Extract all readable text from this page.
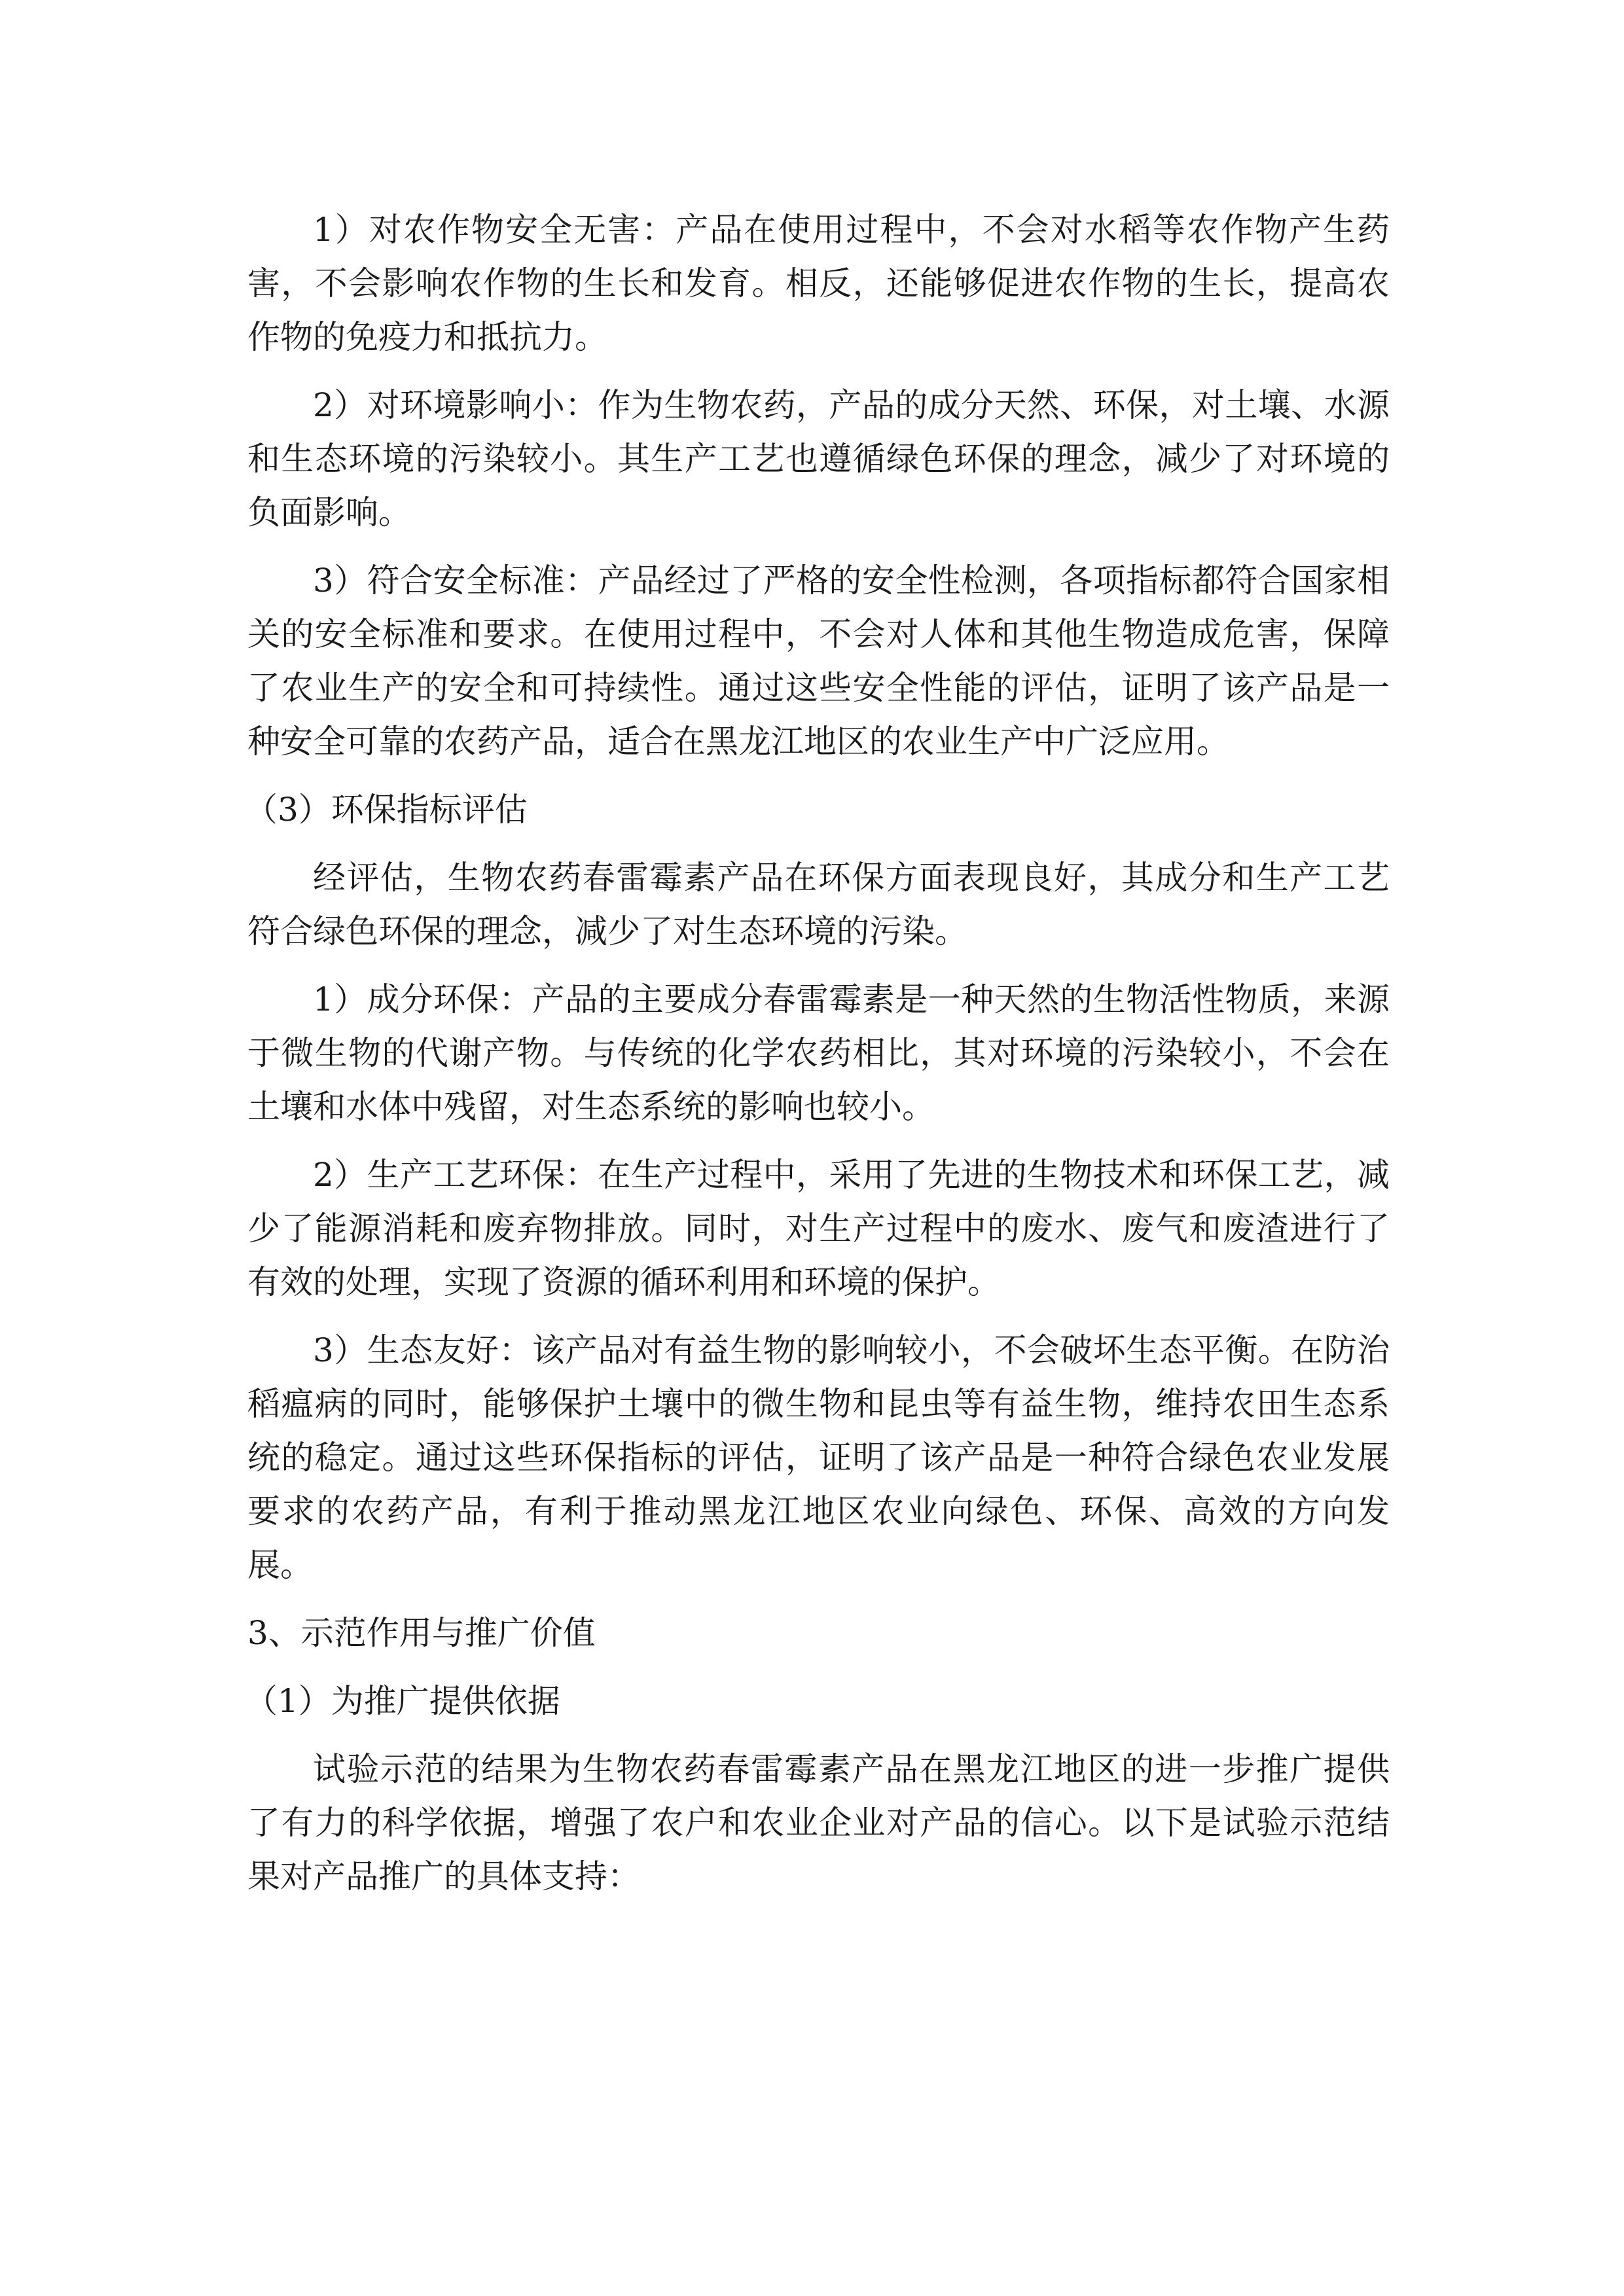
1）对农作物安全无害：产品在使用过程中，不会对水稻等农作物产生药害，不会影响农作物的生长和发育。相反，还能够促进农作物的生长，提高农作物的免疫力和抵抗力。

2）对环境影响小：作为生物农药，产品的成分天然、环保，对土壤、水源和生态环境的污染较小。其生产工艺也遵循绿色环保的理念，减少了对环境的负面影响。

3）符合安全标准：产品经过了严格的安全性检测，各项指标都符合国家相关的安全标准和要求。在使用过程中，不会对人体和其他生物造成危害，保障了农业生产的安全和可持续性。通过这些安全性能的评估，证明了该产品是一种安全可靠的农药产品，适合在黑龙江地区的农业生产中广泛应用。

（3）环保指标评估

经评估，生物农药春雷霉素产品在环保方面表现良好，其成分和生产工艺符合绿色环保的理念，减少了对生态环境的污染。

1）成分环保：产品的主要成分春雷霉素是一种天然的生物活性物质，来源于微生物的代谢产物。与传统的化学农药相比，其对环境的污染较小，不会在土壤和水体中残留，对生态系统的影响也较小。

2）生产工艺环保：在生产过程中，采用了先进的生物技术和环保工艺，减少了能源消耗和废弃物排放。同时，对生产过程中的废水、废气和废渣进行了有效的处理，实现了资源的循环利用和环境的保护。

3）生态友好：该产品对有益生物的影响较小，不会破坏生态平衡。在防治稻瘟病的同时，能够保护土壤中的微生物和昆虫等有益生物，维持农田生态系统的稳定。通过这些环保指标的评估，证明了该产品是一种符合绿色农业发展要求的农药产品，有利于推动黑龙江地区农业向绿色、环保、高效的方向发展。

3、示范作用与推广价值

（1）为推广提供依据

试验示范的结果为生物农药春雷霉素产品在黑龙江地区的进一步推广提供了有力的科学依据，增强了农户和农业企业对产品的信心。以下是试验示范结果对产品推广的具体支持：
